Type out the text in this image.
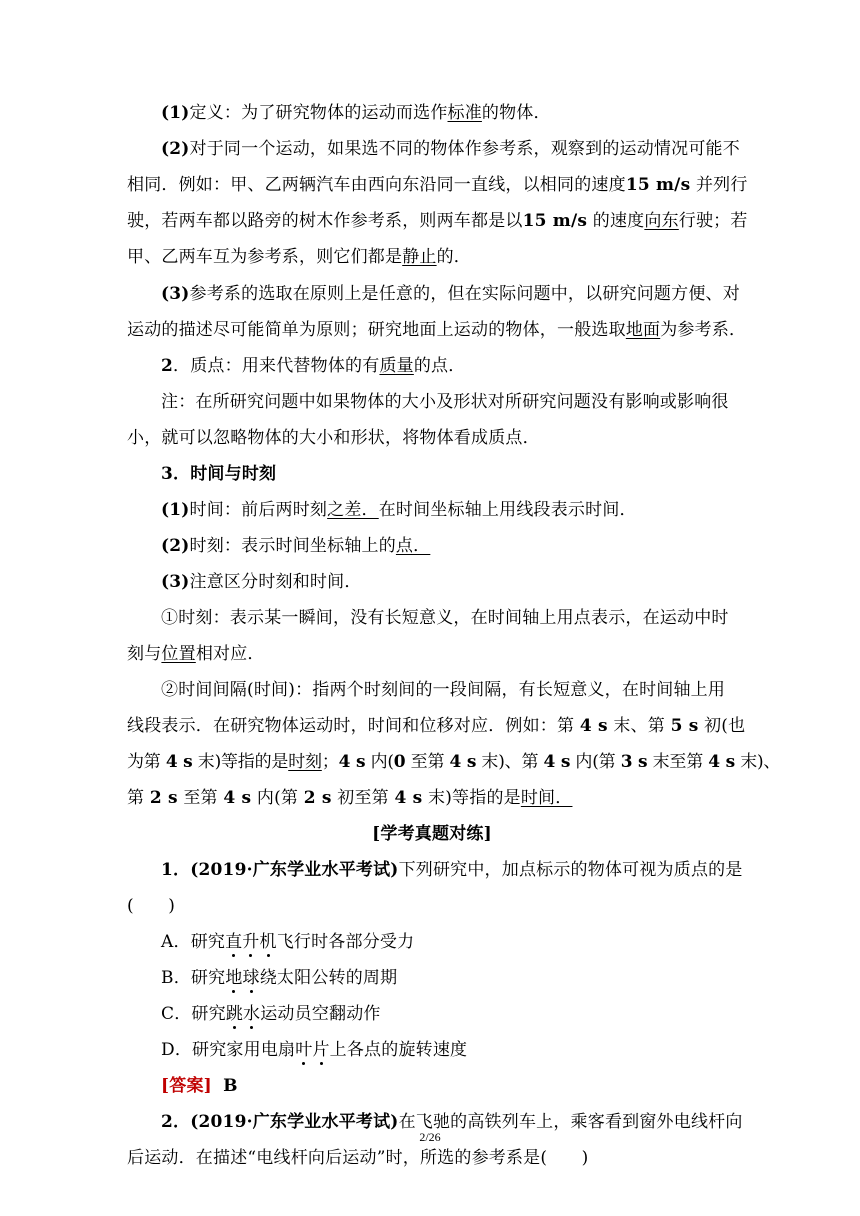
(1)定义：为了研究物体的运动而选作标准的物体．
(2)对于同一个运动，如果选不同的物体作参考系，观察到的运动情况可能不
相同．例如：甲、乙两辆汽车由西向东沿同一直线，以相同的速度15 m/s 并列行
驶，若两车都以路旁的树木作参考系，则两车都是以15 m/s 的速度向东行驶；若
甲、乙两车互为参考系，则它们都是静止的．
(3)参考系的选取在原则上是任意的，但在实际问题中，以研究问题方便、对
运动的描述尽可能简单为原则；研究地面上运动的物体，一般选取地面为参考系．
2．质点：用来代替物体的有质量的点．
注：在所研究问题中如果物体的大小及形状对所研究问题没有影响或影响很
小，就可以忽略物体的大小和形状，将物体看成质点．
3．时间与时刻
(1)时间：前后两时刻之差．在时间坐标轴上用线段表示时间．
(2)时刻：表示时间坐标轴上的点．
(3)注意区分时刻和时间．
①时刻：表示某一瞬间，没有长短意义，在时间轴上用点表示，在运动中时
刻与位置相对应．
②时间间隔(时间)：指两个时刻间的一段间隔，有长短意义，在时间轴上用
线段表示．在研究物体运动时，时间和位移对应．例如：第 4 s 末、第 5 s 初(也
为第 4 s 末)等指的是时刻；4 s 内(0 至第 4 s 末)、第 4 s 内(第 3 s 末至第 4 s 末)、
第 2 s 至第 4 s 内(第 2 s 初至第 4 s 末)等指的是时间．
[学考真题对练]
1．(2019·广东学业水平考试)下列研究中，加点标示的物体可视为质点的是
(　　)
A．研究直升机飞行时各部分受力
B．研究地球绕太阳公转的周期
C．研究跳水运动员空翻动作
D．研究家用电扇叶片上各点的旋转速度
[答案] B
2．(2019·广东学业水平考试)在飞驰的高铁列车上，乘客看到窗外电线杆向
后运动．在描述“电线杆向后运动”时，所选的参考系是(　　)
2/26
